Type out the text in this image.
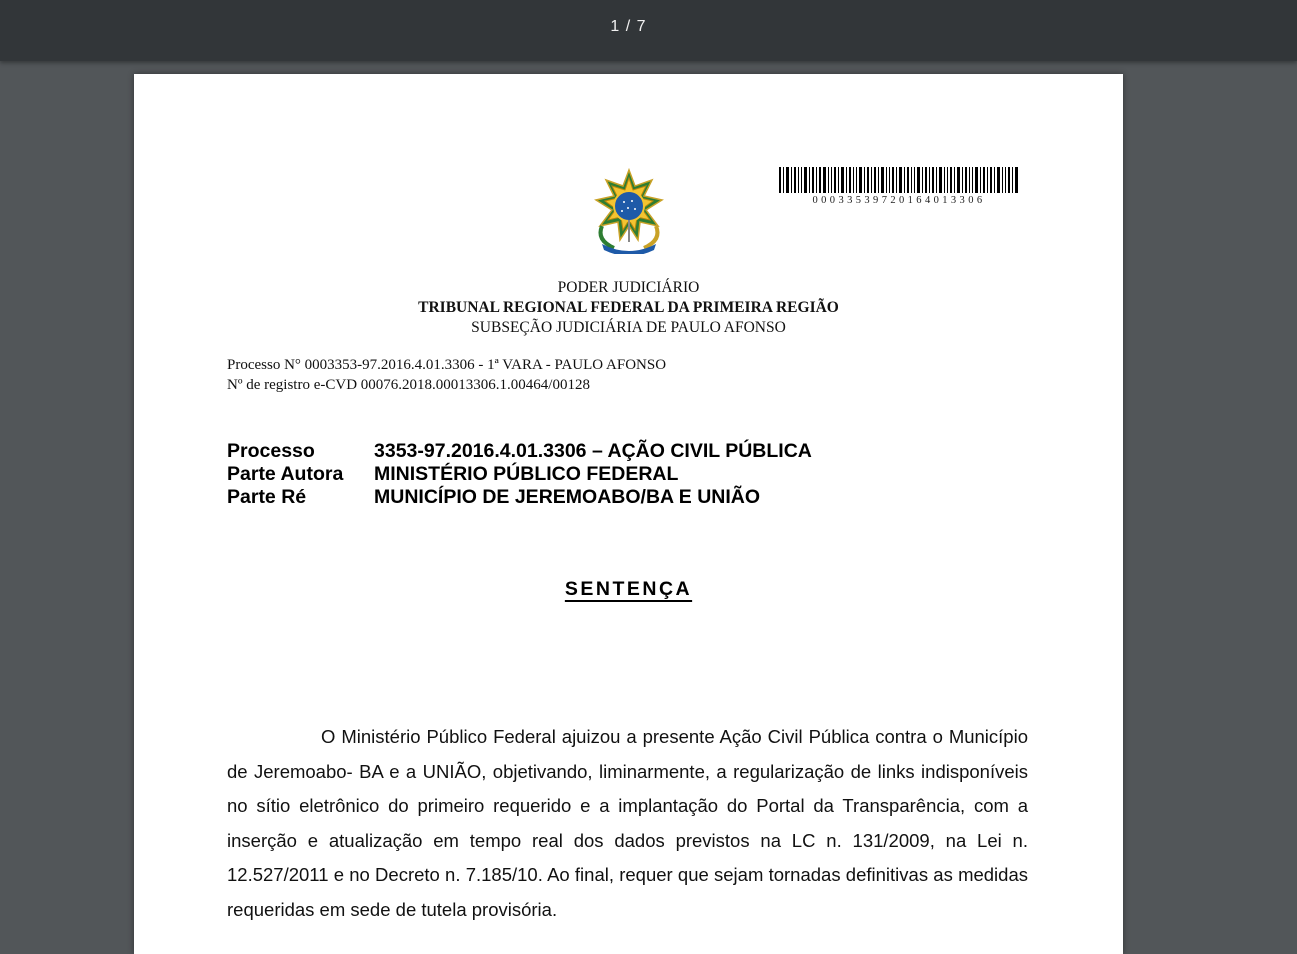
1 / 7
00033539720164013306
PODER JUDICIÁRIO
TRIBUNAL REGIONAL FEDERAL DA PRIMEIRA REGIÃO
SUBSEÇÃO JUDICIÁRIA DE PAULO AFONSO
Processo N° 0003353-97.2016.4.01.3306 - 1ª VARA - PAULO AFONSO
Nº de registro e-CVD 00076.2018.00013306.1.00464/00128
Processo	3353-97.2016.4.01.3306 – AÇÃO CIVIL PÚBLICA
Parte Autora	MINISTÉRIO PÚBLICO FEDERAL
Parte Ré	MUNICÍPIO DE JEREMOABO/BA E UNIÃO
SENTENÇA

O Ministério Público Federal ajuizou a presente Ação Civil Pública contra o Município de Jeremoabo- BA e a UNIÃO, objetivando, liminarmente, a regularização de links indisponíveis no sítio eletrônico do primeiro requerido e a implantação do Portal da Transparência, com a inserção e atualização em tempo real dos dados previstos na LC n. 131/2009, na Lei n. 12.527/2011 e no Decreto n. 7.185/10. Ao final, requer que sejam tornadas definitivas as medidas requeridas em sede de tutela provisória.
